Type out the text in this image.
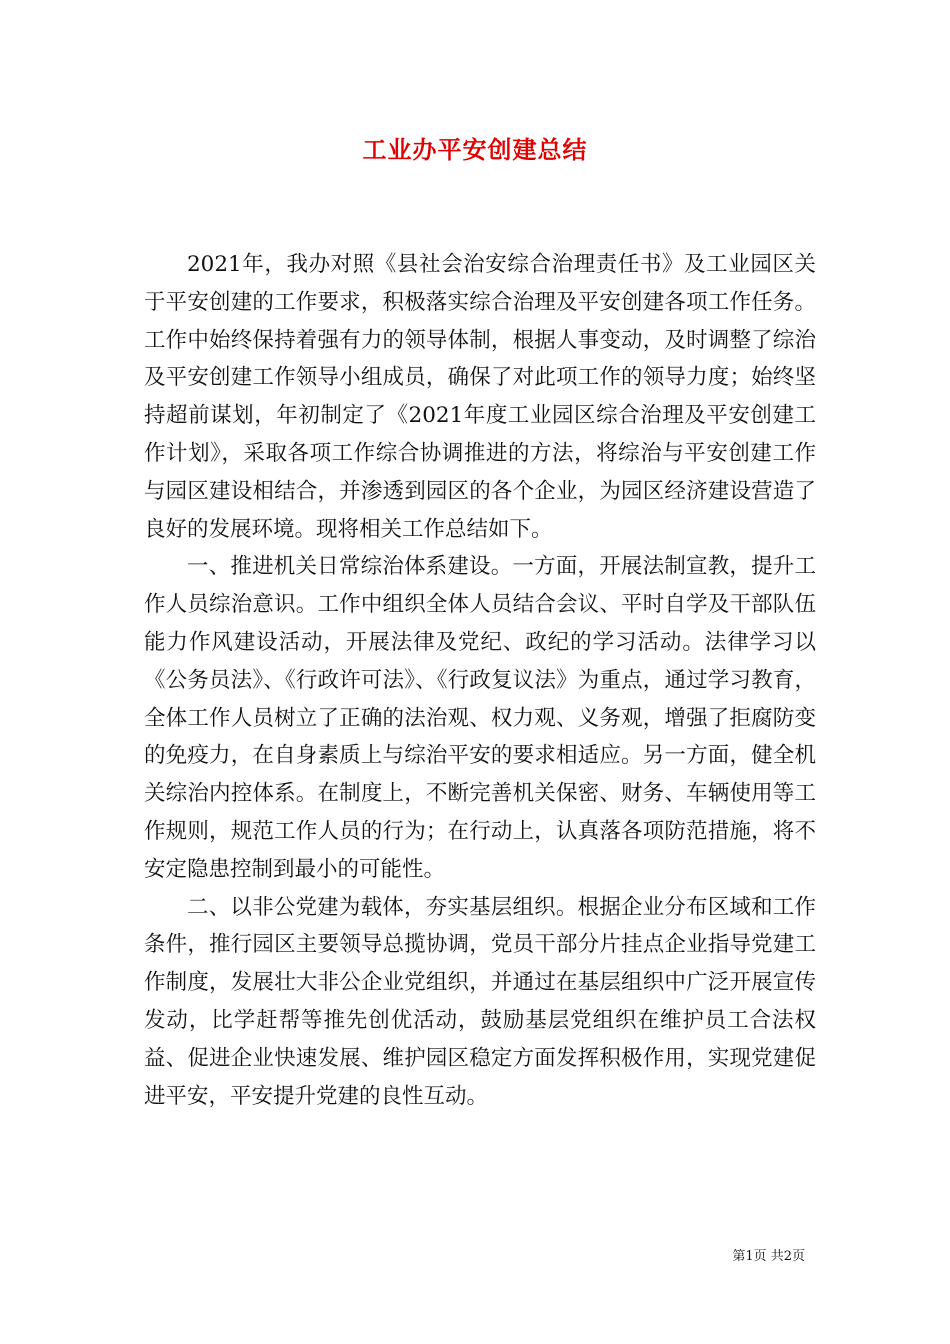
工业办平安创建总结

2021年，我办对照《县社会治安综合治理责任书》及工业园区关于平安创建的工作要求，积极落实综合治理及平安创建各项工作任务。工作中始终保持着强有力的领导体制，根据人事变动，及时调整了综治及平安创建工作领导小组成员，确保了对此项工作的领导力度；始终坚持超前谋划，年初制定了《2021年度工业园区综合治理及平安创建工作计划》，采取各项工作综合协调推进的方法，将综治与平安创建工作与园区建设相结合，并渗透到园区的各个企业，为园区经济建设营造了良好的发展环境。现将相关工作总结如下。

一、推进机关日常综治体系建设。一方面，开展法制宣教，提升工作人员综治意识。工作中组织全体人员结合会议、平时自学及干部队伍能力作风建设活动，开展法律及党纪、政纪的学习活动。法律学习以《公务员法》、《行政许可法》、《行政复议法》为重点，通过学习教育，全体工作人员树立了正确的法治观、权力观、义务观，增强了拒腐防变的免疫力，在自身素质上与综治平安的要求相适应。另一方面，健全机关综治内控体系。在制度上，不断完善机关保密、财务、车辆使用等工作规则，规范工作人员的行为；在行动上，认真落各项防范措施，将不安定隐患控制到最小的可能性。

二、以非公党建为载体，夯实基层组织。根据企业分布区域和工作条件，推行园区主要领导总揽协调，党员干部分片挂点企业指导党建工作制度，发展壮大非公企业党组织，并通过在基层组织中广泛开展宣传发动，比学赶帮等推先创优活动，鼓励基层党组织在维护员工合法权益、促进企业快速发展、维护园区稳定方面发挥积极作用，实现党建促进平安，平安提升党建的良性互动。

第1页 共2页
